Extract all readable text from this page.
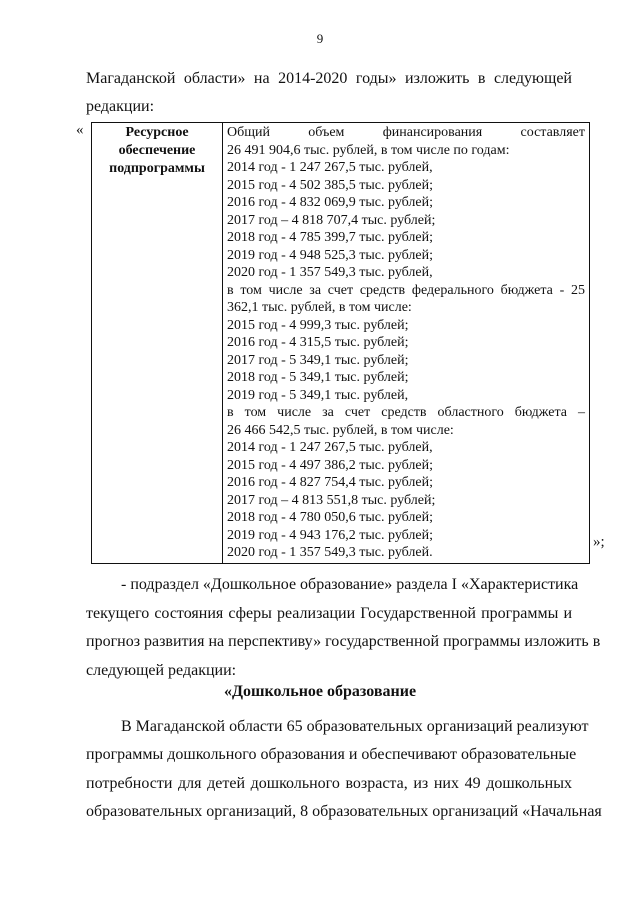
9
Магаданской области» на 2014-2020 годы» изложить в следующей
редакции:
«	Ресурсное
обеспечение
подпрограммы

Общий объем финансирования составляет
26 491 904,6 тыс. рублей, в том числе по годам:
2014 год - 1 247 267,5 тыс. рублей,
2015 год - 4 502 385,5 тыс. рублей;
2016 год - 4 832 069,9 тыс. рублей;
2017 год – 4 818 707,4 тыс. рублей;
2018 год - 4 785 399,7 тыс. рублей;
2019 год - 4 948 525,3 тыс. рублей;
2020 год - 1 357 549,3 тыс. рублей,
в том числе за счет средств федерального бюджета - 25
362,1 тыс. рублей, в том числе:
2015 год - 4 999,3 тыс. рублей;
2016 год - 4 315,5 тыс. рублей;
2017 год - 5 349,1 тыс. рублей;
2018 год - 5 349,1 тыс. рублей;
2019 год - 5 349,1 тыс. рублей,
в том числе за счет средств областного бюджета –
26 466 542,5 тыс. рублей, в том числе:
2014 год - 1 247 267,5 тыс. рублей,
2015 год - 4 497 386,2 тыс. рублей;
2016 год - 4 827 754,4 тыс. рублей;
2017 год – 4 813 551,8 тыс. рублей;
2018 год - 4 780 050,6 тыс. рублей;
2019 год - 4 943 176,2 тыс. рублей;
2020 год - 1 357 549,3 тыс. рублей.
»;
- подраздел «Дошкольное образование» раздела I «Характеристика
текущего состояния сферы реализации Государственной программы и
прогноз развития на перспективу» государственной программы изложить в
следующей редакции:
«Дошкольное образование
В Магаданской области 65 образовательных организаций реализуют
программы дошкольного образования и обеспечивают образовательные
потребности для детей дошкольного возраста, из них 49 дошкольных
образовательных организаций, 8 образовательных организаций «Начальная
